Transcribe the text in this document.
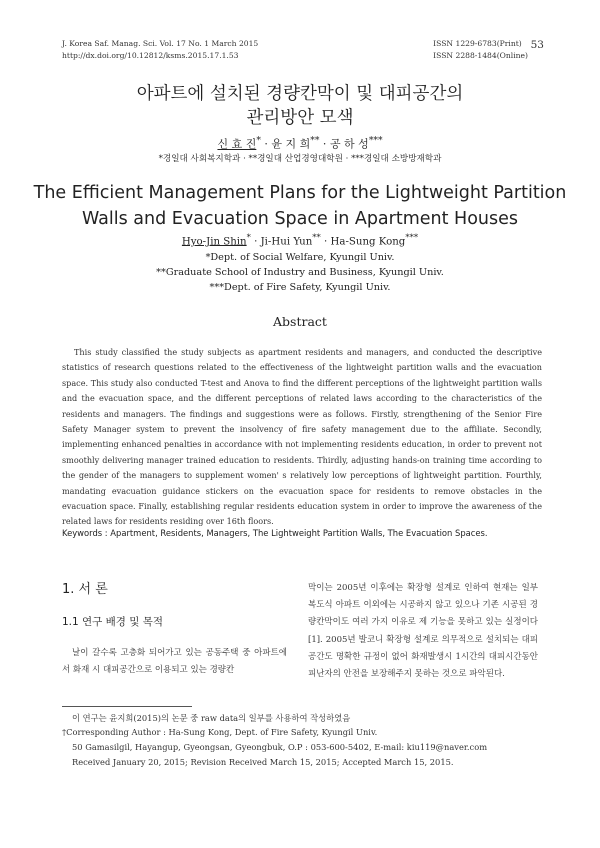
J. Korea Saf. Manag. Sci. Vol. 17 No. 1 March 2015
http://dx.doi.org/10.12812/ksms.2015.17.1.53
ISSN 1229-6783(Print)
ISSN 2288-1484(Online)
53
아파트에 설치된 경량칸막이 및 대피공간의
관리방안 모색
신 효 진* · 윤 지 희** · 공 하 성***
*경일대 사회복지학과 · **경일대 산업경영대학원 · ***경일대 소방방재학과
The Efficient Management Plans for the Lightweight Partition
Walls and Evacuation Space in Apartment Houses
Hyo-Jin Shin* · Ji-Hui Yun** · Ha-Sung Kong***
*Dept. of Social Welfare, Kyungil Univ.
**Graduate School of Industry and Business, Kyungil Univ.
***Dept. of Fire Safety, Kyungil Univ.
Abstract
This study classified the study subjects as apartment residents and managers, and conducted the descriptive statistics of research questions related to the effectiveness of the lightweight partition walls and the evacuation space. This study also conducted T-test and Anova to find the different perceptions of the lightweight partition walls and the evacuation space, and the different perceptions of related laws according to the characteristics of the residents and managers. The findings and suggestions were as follows. Firstly, strengthening of the Senior Fire Safety Manager system to prevent the insolvency of fire safety management due to the affiliate. Secondly, implementing enhanced penalties in accordance with not implementing residents education, in order to prevent not smoothly delivering manager trained education to residents. Thirdly, adjusting hands-on training time according to the gender of the managers to supplement women' s relatively low perceptions of lightweight partition. Fourthly, mandating evacuation guidance stickers on the evacuation space for residents to remove obstacles in the evacuation space. Finally, establishing regular residents education system in order to improve the awareness of the related laws for residents residing over 16th floors.
Keywords : Apartment, Residents, Managers, The Lightweight Partition Walls, The Evacuation Spaces.
1. 서 론
1.1 연구 배경 및 목적
날이 갈수록 고층화 되어가고 있는 공동주택 중 아파트에서 화재 시 대피공간으로 이용되고 있는 경량칸
막이는 2005년 이후에는 확장형 설계로 인하여 현재는 일부 복도식 아파트 이외에는 시공하지 않고 있으나 기존 시공된 경량칸막이도 여러 가지 이유로 제 기능을 못하고 있는 실정이다[1]. 2005년 발코니 확장형 설계로 의무적으로 설치되는 대피공간도 명확한 규정이 없어 화재발생시 1시간의 대피시간동안 피난자의 안전을 보장해주지 못하는 것으로 파악된다.
이 연구는 윤지희(2015)의 논문 중 raw data의 일부를 사용하여 작성하였음
†Corresponding Author : Ha-Sung Kong, Dept. of Fire Safety, Kyungil Univ.
50 Gamasilgil, Hayangup, Gyeongsan, Gyeongbuk, O.P : 053-600-5402, E-mail: kiu119@naver.com
Received January 20, 2015; Revision Received March 15, 2015; Accepted March 15, 2015.
